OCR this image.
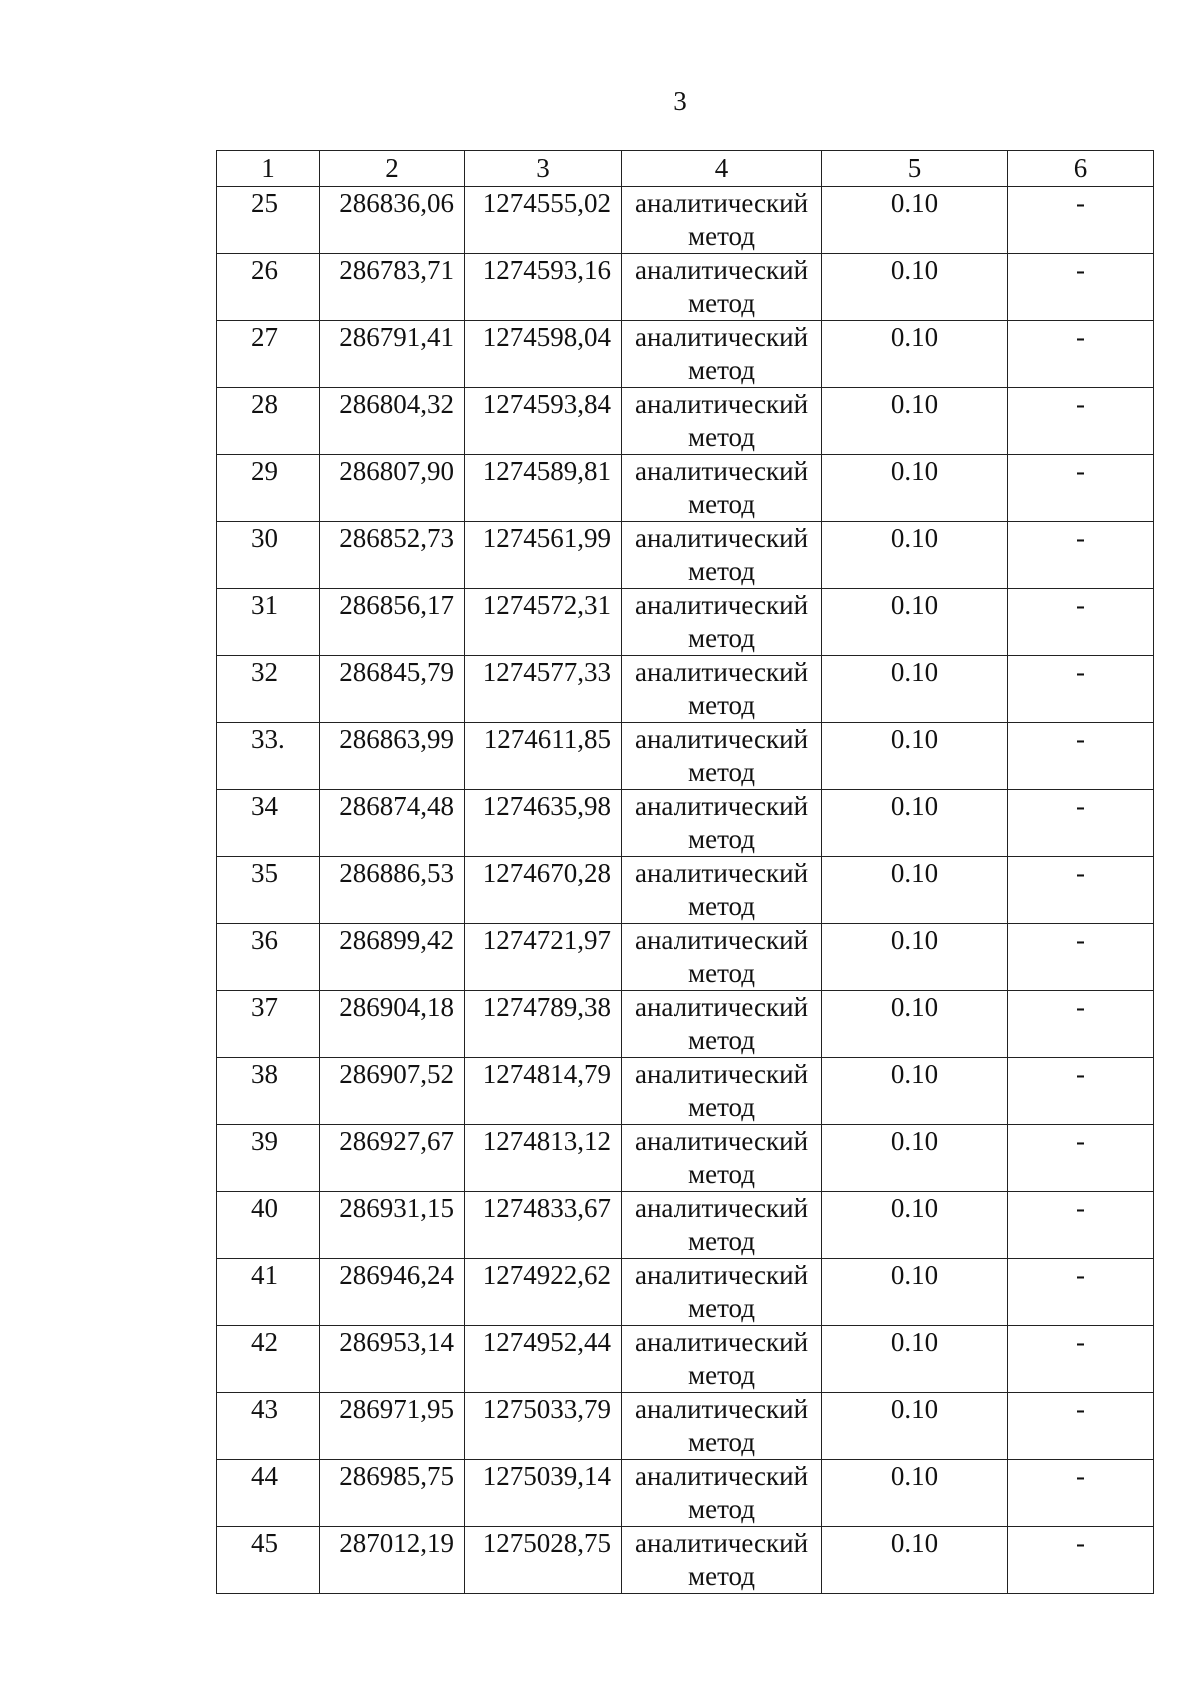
3
1	2	3	4	5	6
25	286836,06	1274555,02	аналитический метод	0.10	-
26	286783,71	1274593,16	аналитический метод	0.10	-
27	286791,41	1274598,04	аналитический метод	0.10	-
28	286804,32	1274593,84	аналитический метод	0.10	-
29	286807,90	1274589,81	аналитический метод	0.10	-
30	286852,73	1274561,99	аналитический метод	0.10	-
31	286856,17	1274572,31	аналитический метод	0.10	-
32	286845,79	1274577,33	аналитический метод	0.10	-
33.	286863,99	1274611,85	аналитический метод	0.10	-
34	286874,48	1274635,98	аналитический метод	0.10	-
35	286886,53	1274670,28	аналитический метод	0.10	-
36	286899,42	1274721,97	аналитический метод	0.10	-
37	286904,18	1274789,38	аналитический метод	0.10	-
38	286907,52	1274814,79	аналитический метод	0.10	-
39	286927,67	1274813,12	аналитический метод	0.10	-
40	286931,15	1274833,67	аналитический метод	0.10	-
41	286946,24	1274922,62	аналитический метод	0.10	-
42	286953,14	1274952,44	аналитический метод	0.10	-
43	286971,95	1275033,79	аналитический метод	0.10	-
44	286985,75	1275039,14	аналитический метод	0.10	-
45	287012,19	1275028,75	аналитический метод	0.10	-
